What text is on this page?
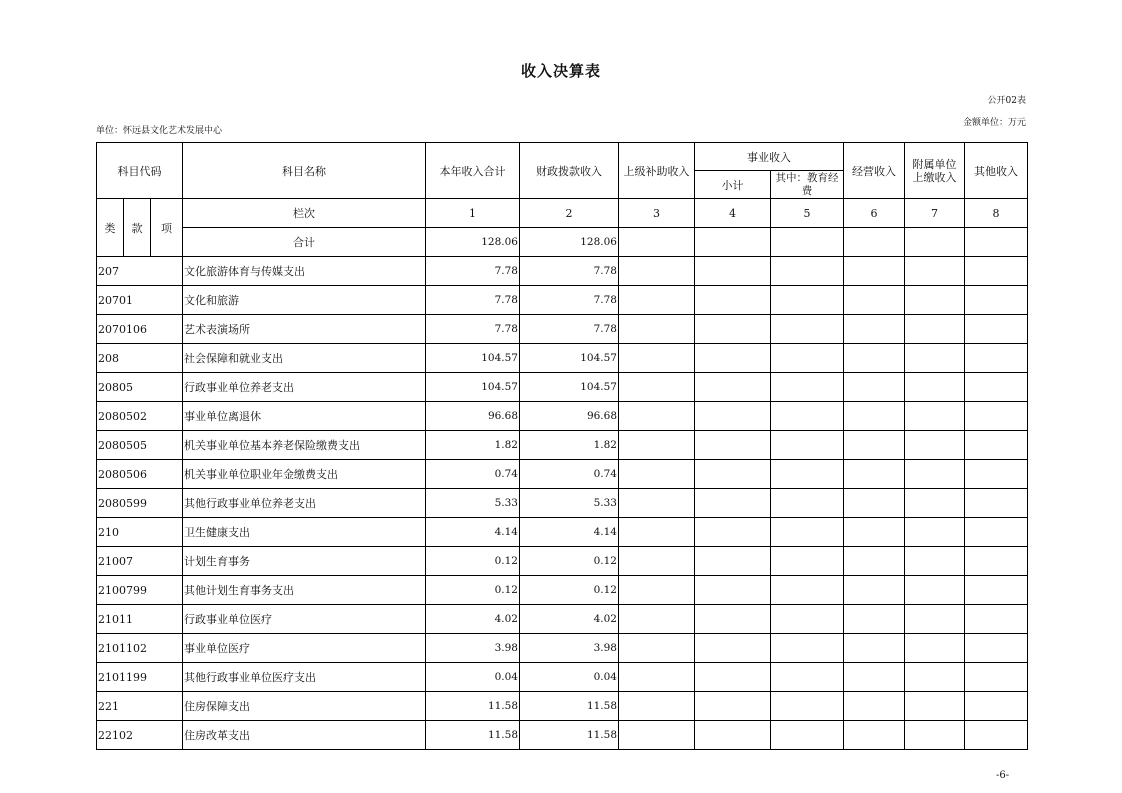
收入决算表
公开02表
金额单位：万元
单位：怀远县文化艺术发展中心
科目代码			科目名称	本年收入合计	财政拨款收入	上级补助收入	事业收入		经营收入	附属单位上缴收入	其他收入
							小计	其中：教育经费			
类	款	项	栏次	1	2	3	4	5	6	7	8
			合计	128.06	128.06						
207			文化旅游体育与传媒支出	7.78	7.78						
20701			文化和旅游	7.78	7.78						
2070106			艺术表演场所	7.78	7.78						
208			社会保障和就业支出	104.57	104.57						
20805			行政事业单位养老支出	104.57	104.57						
2080502			事业单位离退休	96.68	96.68						
2080505			机关事业单位基本养老保险缴费支出	1.82	1.82						
2080506			机关事业单位职业年金缴费支出	0.74	0.74						
2080599			其他行政事业单位养老支出	5.33	5.33						
210			卫生健康支出	4.14	4.14						
21007			计划生育事务	0.12	0.12						
2100799			其他计划生育事务支出	0.12	0.12						
21011			行政事业单位医疗	4.02	4.02						
2101102			事业单位医疗	3.98	3.98						
2101199			其他行政事业单位医疗支出	0.04	0.04						
221			住房保障支出	11.58	11.58						
22102			住房改革支出	11.58	11.58						
-6-
